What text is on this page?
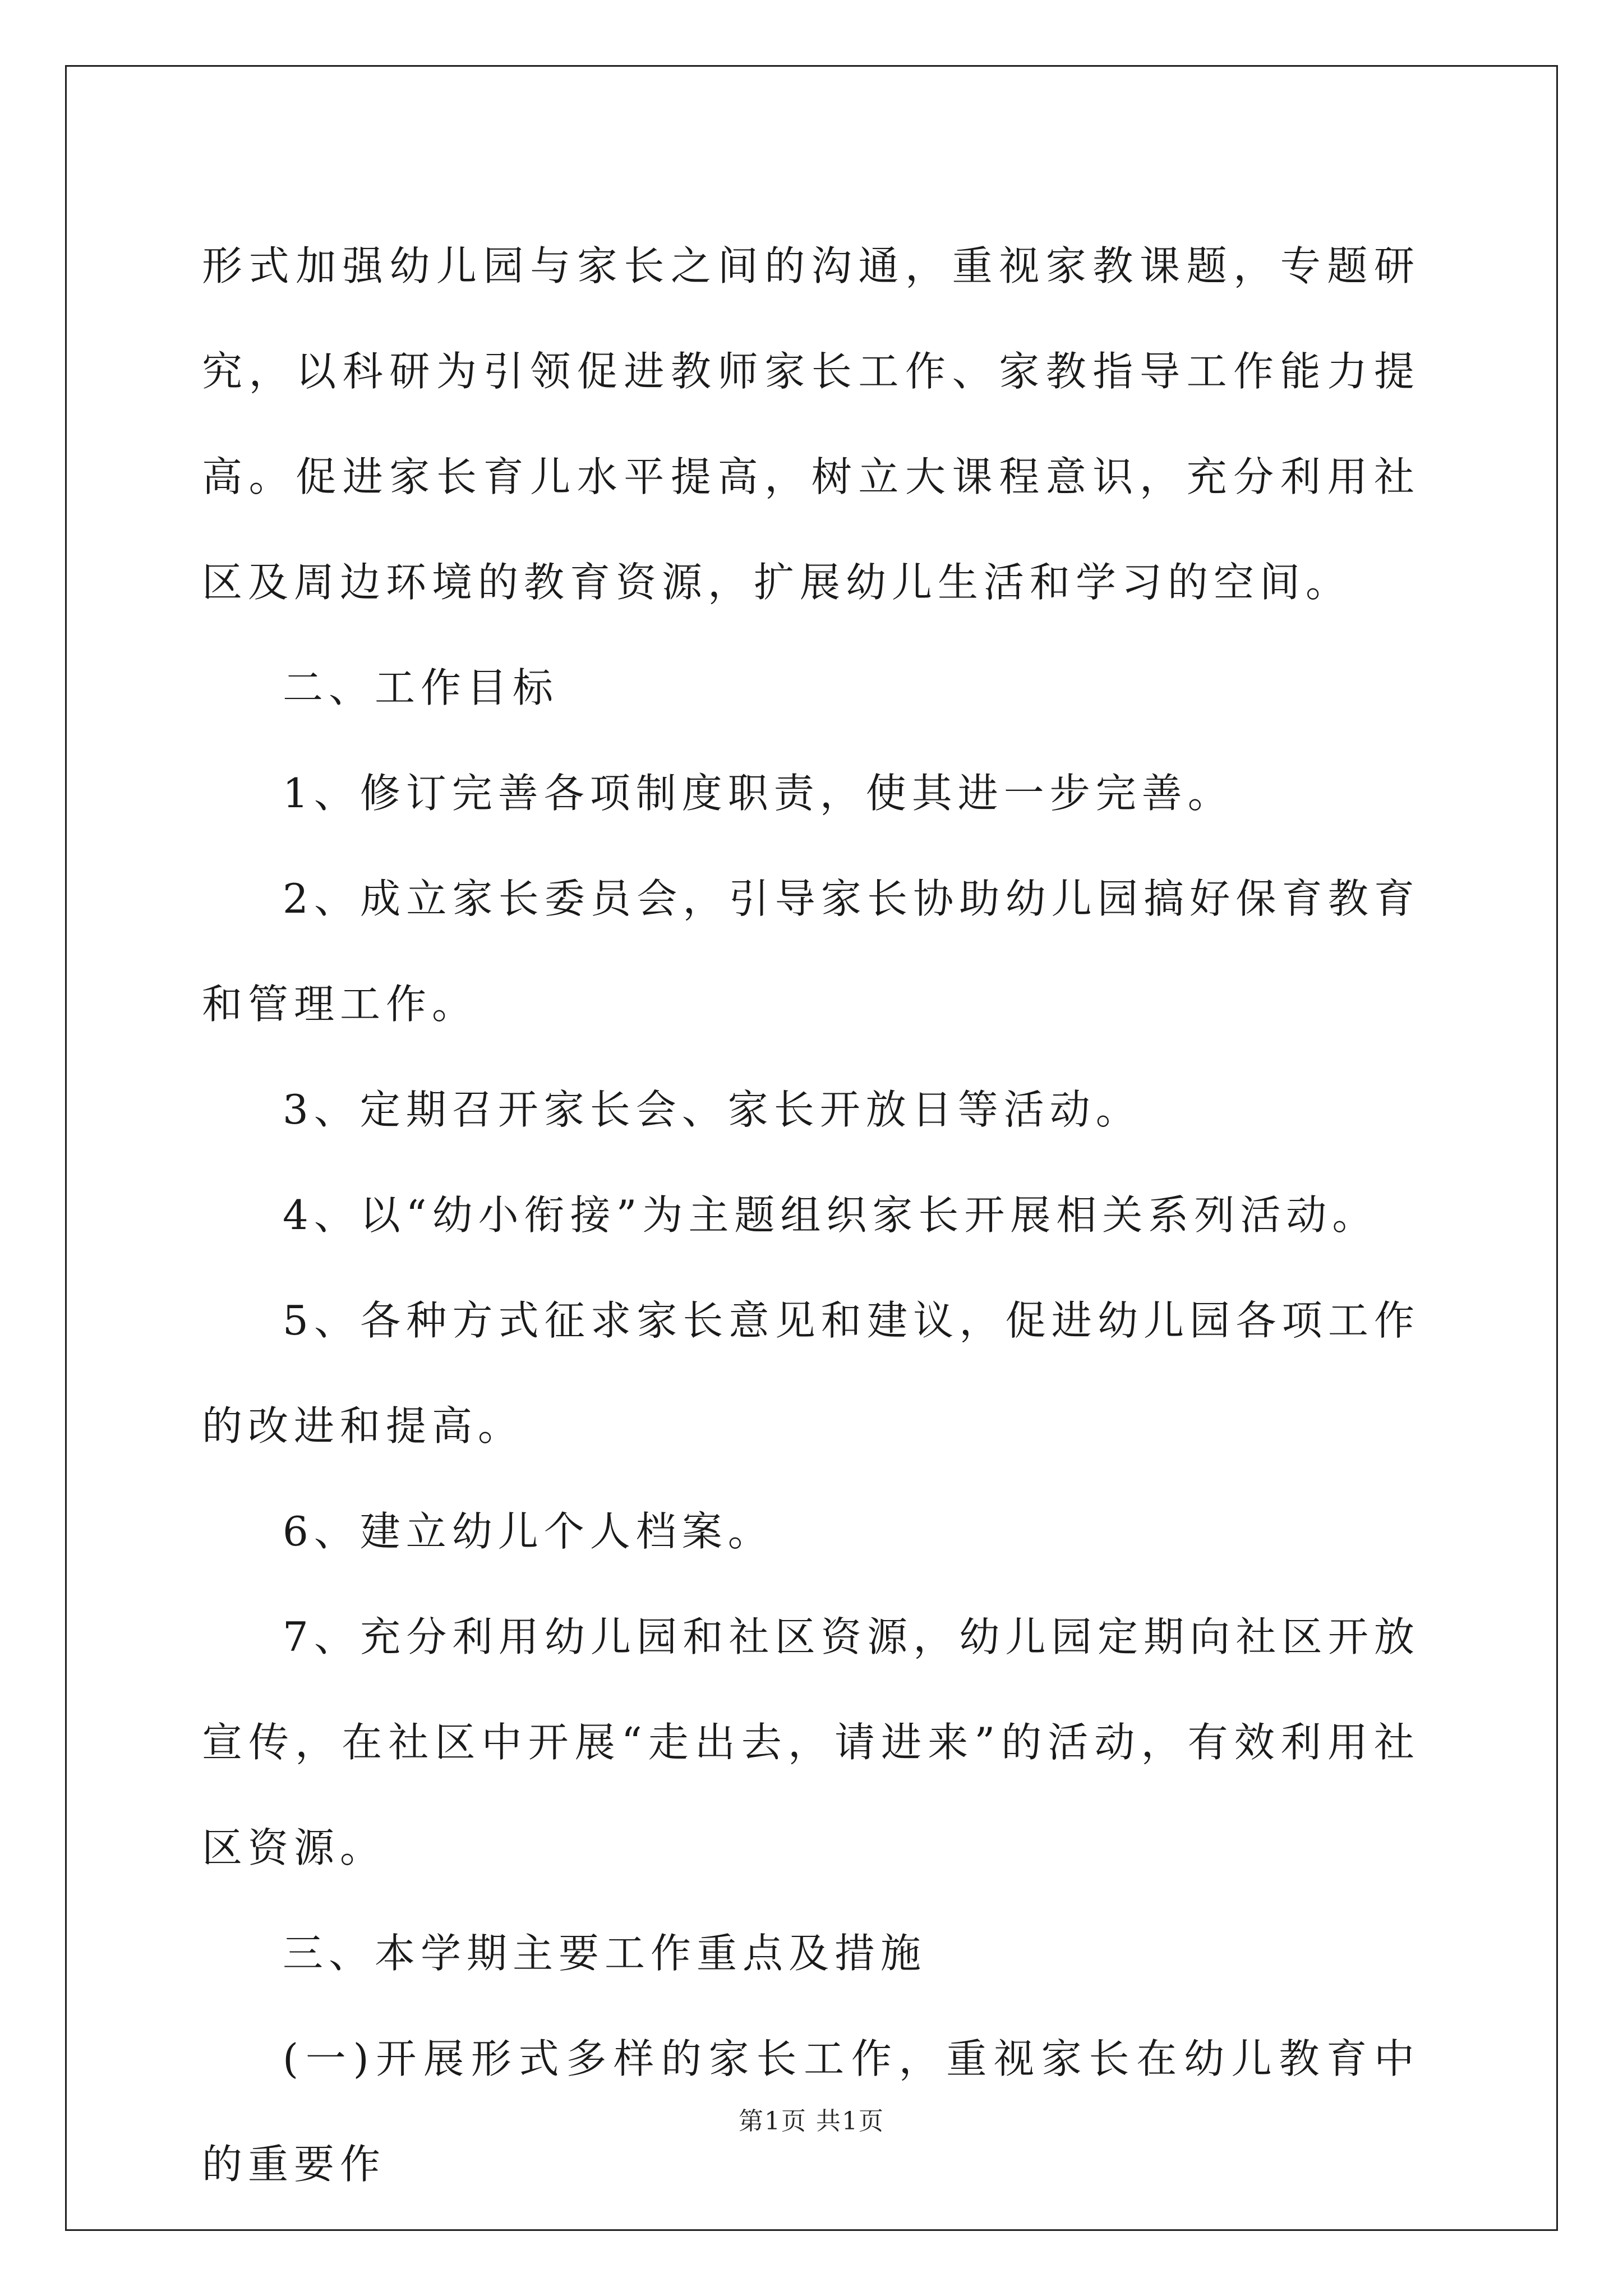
形式加强幼儿园与家长之间的沟通，重视家教课题，专题研究，以科研为引领促进教师家长工作、家教指导工作能力提高。促进家长育儿水平提高，树立大课程意识，充分利用社区及周边环境的教育资源，扩展幼儿生活和学习的空间。

二、工作目标

1、修订完善各项制度职责，使其进一步完善。

2、成立家长委员会，引导家长协助幼儿园搞好保育教育和管理工作。

3、定期召开家长会、家长开放日等活动。

4、以“幼小衔接”为主题组织家长开展相关系列活动。

5、各种方式征求家长意见和建议，促进幼儿园各项工作的改进和提高。

6、建立幼儿个人档案。

7、充分利用幼儿园和社区资源，幼儿园定期向社区开放宣传，在社区中开展“走出去，请进来”的活动，有效利用社区资源。

三、本学期主要工作重点及措施

(一)开展形式多样的家长工作，重视家长在幼儿教育中的重要作

第1页 共1页
